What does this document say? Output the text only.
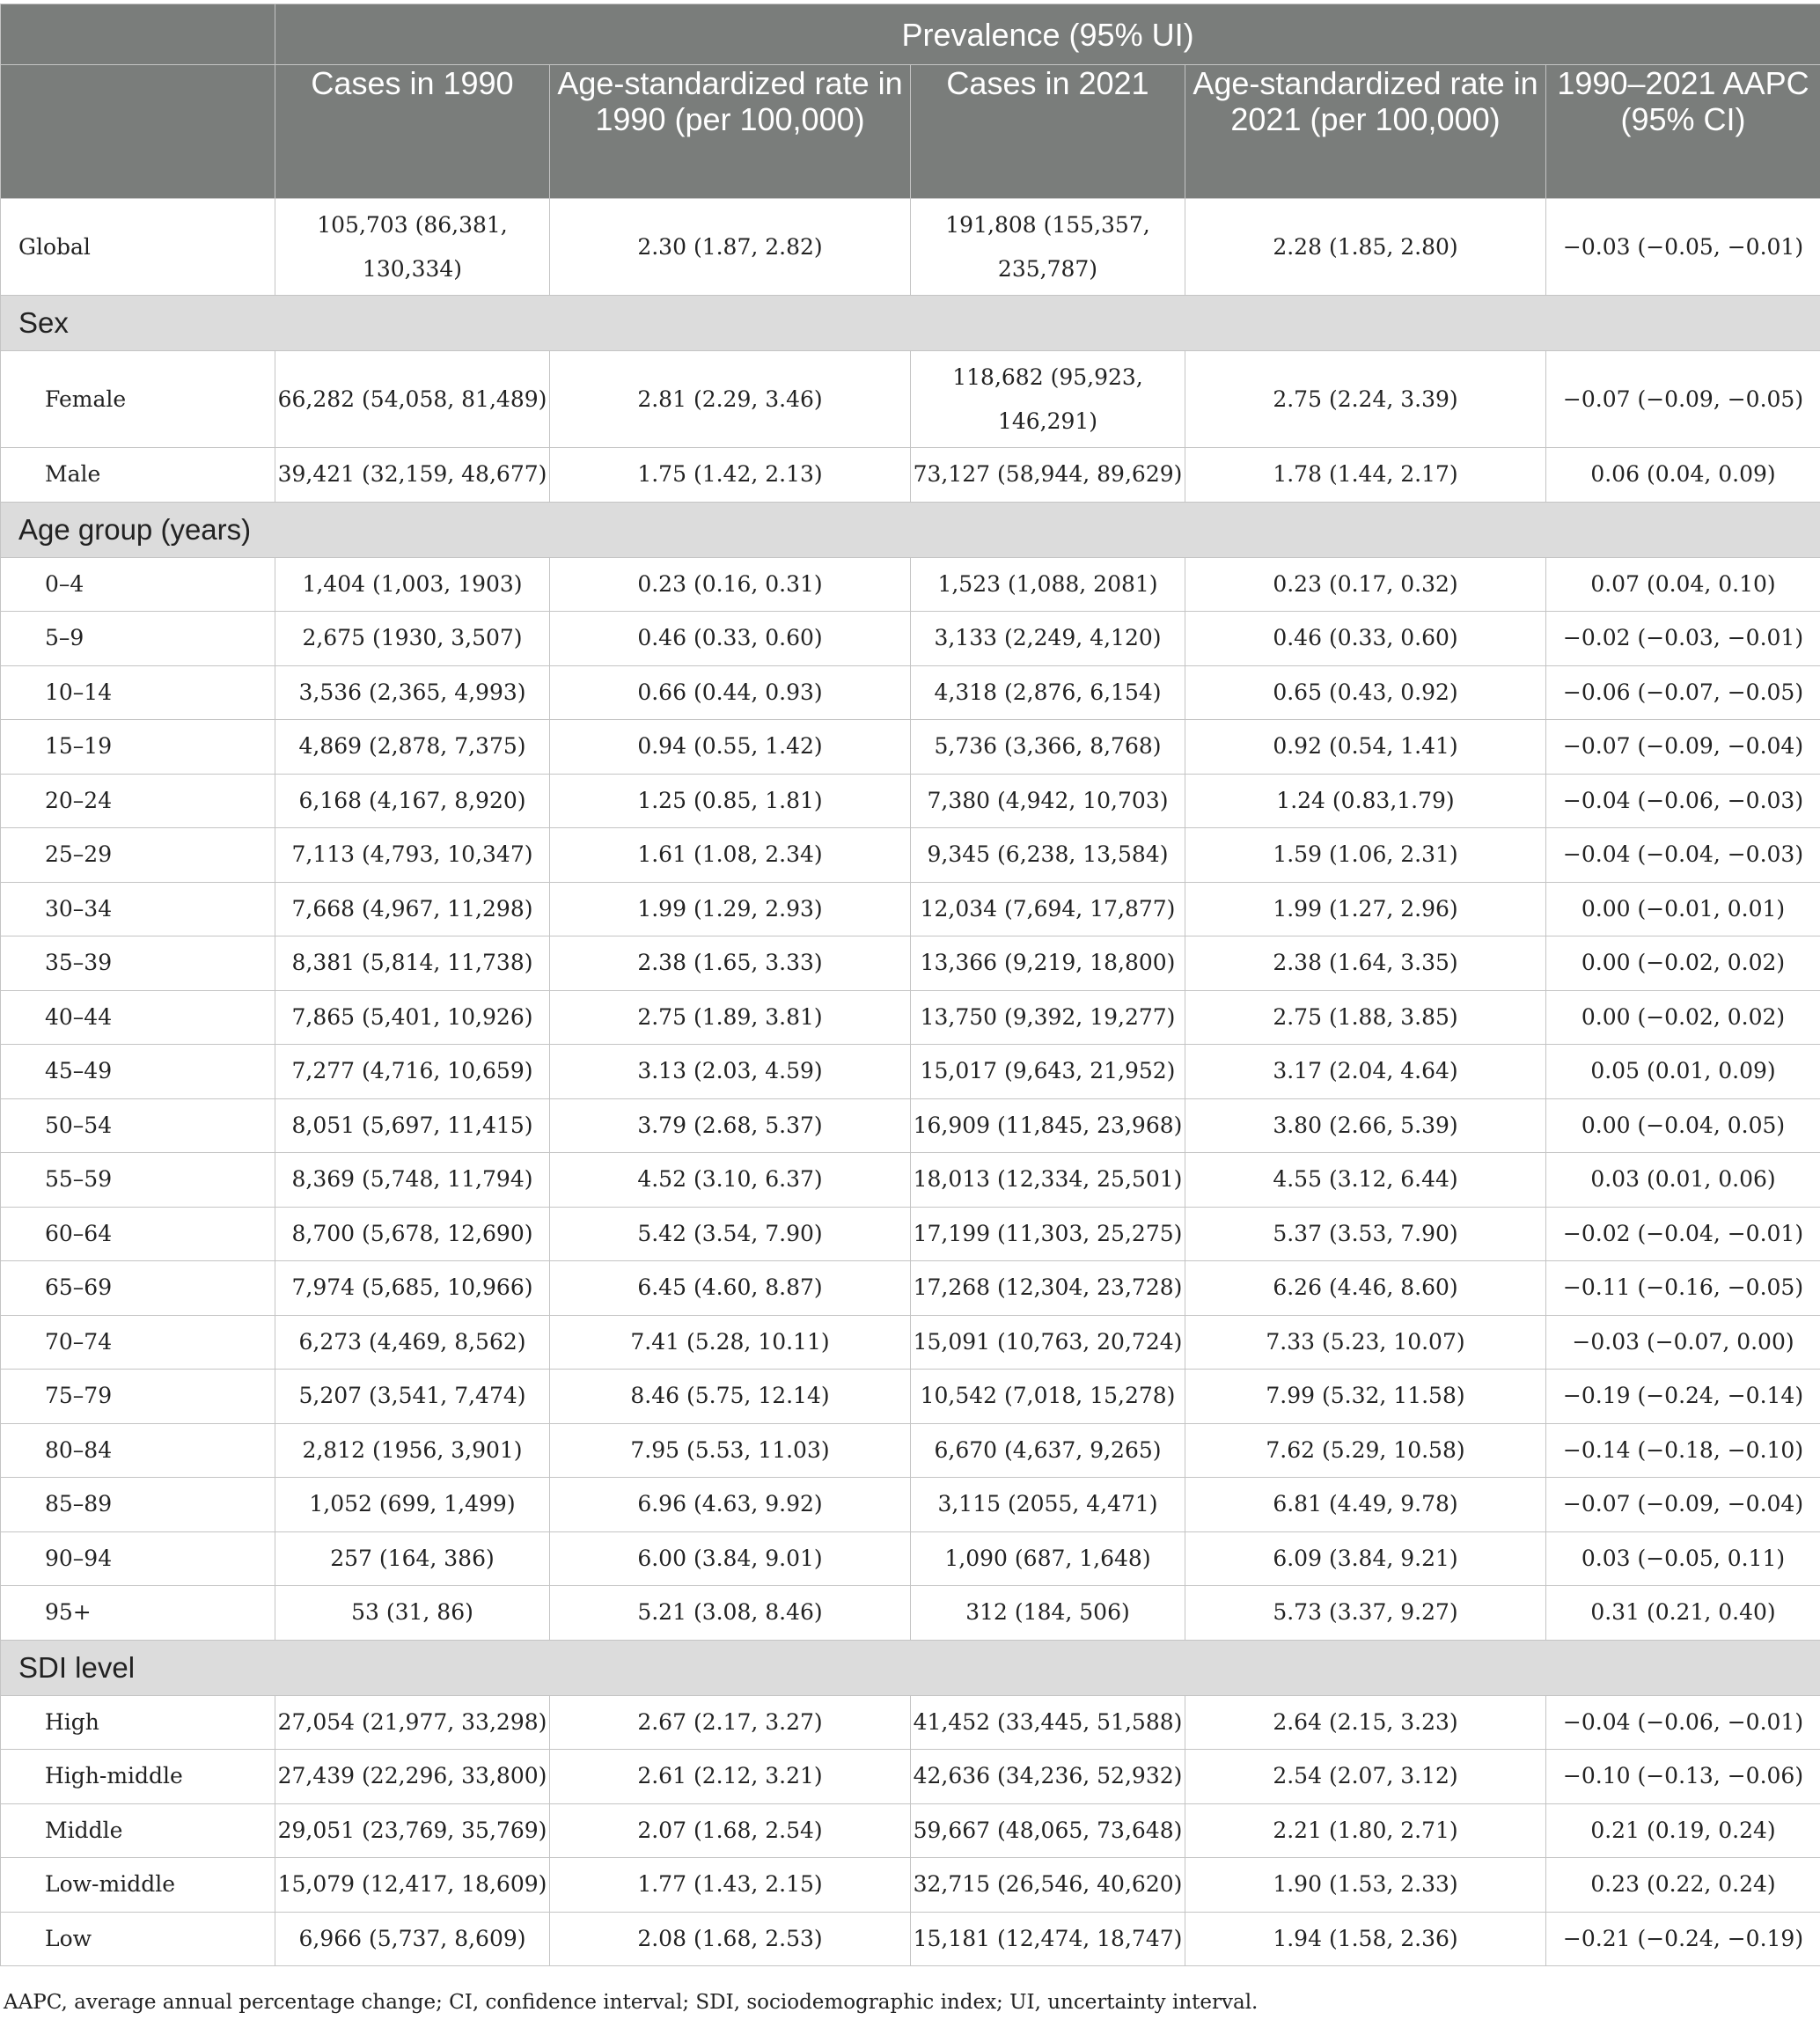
	Prevalence (95% UI)				
	Cases in 1990	Age-standardized rate in 1990 (per 100,000)	Cases in 2021	Age-standardized rate in 2021 (per 100,000)	1990–2021 AAPC (95% CI)
Global	105,703 (86,381, 130,334)	2.30 (1.87, 2.82)	191,808 (155,357, 235,787)	2.28 (1.85, 2.80)	−0.03 (−0.05, −0.01)
Sex					
Female	66,282 (54,058, 81,489)	2.81 (2.29, 3.46)	118,682 (95,923, 146,291)	2.75 (2.24, 3.39)	−0.07 (−0.09, −0.05)
Male	39,421 (32,159, 48,677)	1.75 (1.42, 2.13)	73,127 (58,944, 89,629)	1.78 (1.44, 2.17)	0.06 (0.04, 0.09)
Age group (years)					
0–4	1,404 (1,003, 1903)	0.23 (0.16, 0.31)	1,523 (1,088, 2081)	0.23 (0.17, 0.32)	0.07 (0.04, 0.10)
5–9	2,675 (1930, 3,507)	0.46 (0.33, 0.60)	3,133 (2,249, 4,120)	0.46 (0.33, 0.60)	−0.02 (−0.03, −0.01)
10–14	3,536 (2,365, 4,993)	0.66 (0.44, 0.93)	4,318 (2,876, 6,154)	0.65 (0.43, 0.92)	−0.06 (−0.07, −0.05)
15–19	4,869 (2,878, 7,375)	0.94 (0.55, 1.42)	5,736 (3,366, 8,768)	0.92 (0.54, 1.41)	−0.07 (−0.09, −0.04)
20–24	6,168 (4,167, 8,920)	1.25 (0.85, 1.81)	7,380 (4,942, 10,703)	1.24 (0.83,1.79)	−0.04 (−0.06, −0.03)
25–29	7,113 (4,793, 10,347)	1.61 (1.08, 2.34)	9,345 (6,238, 13,584)	1.59 (1.06, 2.31)	−0.04 (−0.04, −0.03)
30–34	7,668 (4,967, 11,298)	1.99 (1.29, 2.93)	12,034 (7,694, 17,877)	1.99 (1.27, 2.96)	0.00 (−0.01, 0.01)
35–39	8,381 (5,814, 11,738)	2.38 (1.65, 3.33)	13,366 (9,219, 18,800)	2.38 (1.64, 3.35)	0.00 (−0.02, 0.02)
40–44	7,865 (5,401, 10,926)	2.75 (1.89, 3.81)	13,750 (9,392, 19,277)	2.75 (1.88, 3.85)	0.00 (−0.02, 0.02)
45–49	7,277 (4,716, 10,659)	3.13 (2.03, 4.59)	15,017 (9,643, 21,952)	3.17 (2.04, 4.64)	0.05 (0.01, 0.09)
50–54	8,051 (5,697, 11,415)	3.79 (2.68, 5.37)	16,909 (11,845, 23,968)	3.80 (2.66, 5.39)	0.00 (−0.04, 0.05)
55–59	8,369 (5,748, 11,794)	4.52 (3.10, 6.37)	18,013 (12,334, 25,501)	4.55 (3.12, 6.44)	0.03 (0.01, 0.06)
60–64	8,700 (5,678, 12,690)	5.42 (3.54, 7.90)	17,199 (11,303, 25,275)	5.37 (3.53, 7.90)	−0.02 (−0.04, −0.01)
65–69	7,974 (5,685, 10,966)	6.45 (4.60, 8.87)	17,268 (12,304, 23,728)	6.26 (4.46, 8.60)	−0.11 (−0.16, −0.05)
70–74	6,273 (4,469, 8,562)	7.41 (5.28, 10.11)	15,091 (10,763, 20,724)	7.33 (5.23, 10.07)	−0.03 (−0.07, 0.00)
75–79	5,207 (3,541, 7,474)	8.46 (5.75, 12.14)	10,542 (7,018, 15,278)	7.99 (5.32, 11.58)	−0.19 (−0.24, −0.14)
80–84	2,812 (1956, 3,901)	7.95 (5.53, 11.03)	6,670 (4,637, 9,265)	7.62 (5.29, 10.58)	−0.14 (−0.18, −0.10)
85–89	1,052 (699, 1,499)	6.96 (4.63, 9.92)	3,115 (2055, 4,471)	6.81 (4.49, 9.78)	−0.07 (−0.09, −0.04)
90–94	257 (164, 386)	6.00 (3.84, 9.01)	1,090 (687, 1,648)	6.09 (3.84, 9.21)	0.03 (−0.05, 0.11)
95+	53 (31, 86)	5.21 (3.08, 8.46)	312 (184, 506)	5.73 (3.37, 9.27)	0.31 (0.21, 0.40)
SDI level					
High	27,054 (21,977, 33,298)	2.67 (2.17, 3.27)	41,452 (33,445, 51,588)	2.64 (2.15, 3.23)	−0.04 (−0.06, −0.01)
High-middle	27,439 (22,296, 33,800)	2.61 (2.12, 3.21)	42,636 (34,236, 52,932)	2.54 (2.07, 3.12)	−0.10 (−0.13, −0.06)
Middle	29,051 (23,769, 35,769)	2.07 (1.68, 2.54)	59,667 (48,065, 73,648)	2.21 (1.80, 2.71)	0.21 (0.19, 0.24)
Low-middle	15,079 (12,417, 18,609)	1.77 (1.43, 2.15)	32,715 (26,546, 40,620)	1.90 (1.53, 2.33)	0.23 (0.22, 0.24)
Low	6,966 (5,737, 8,609)	2.08 (1.68, 2.53)	15,181 (12,474, 18,747)	1.94 (1.58, 2.36)	−0.21 (−0.24, −0.19)
AAPC, average annual percentage change; CI, confidence interval; SDI, sociodemographic index; UI, uncertainty interval.
